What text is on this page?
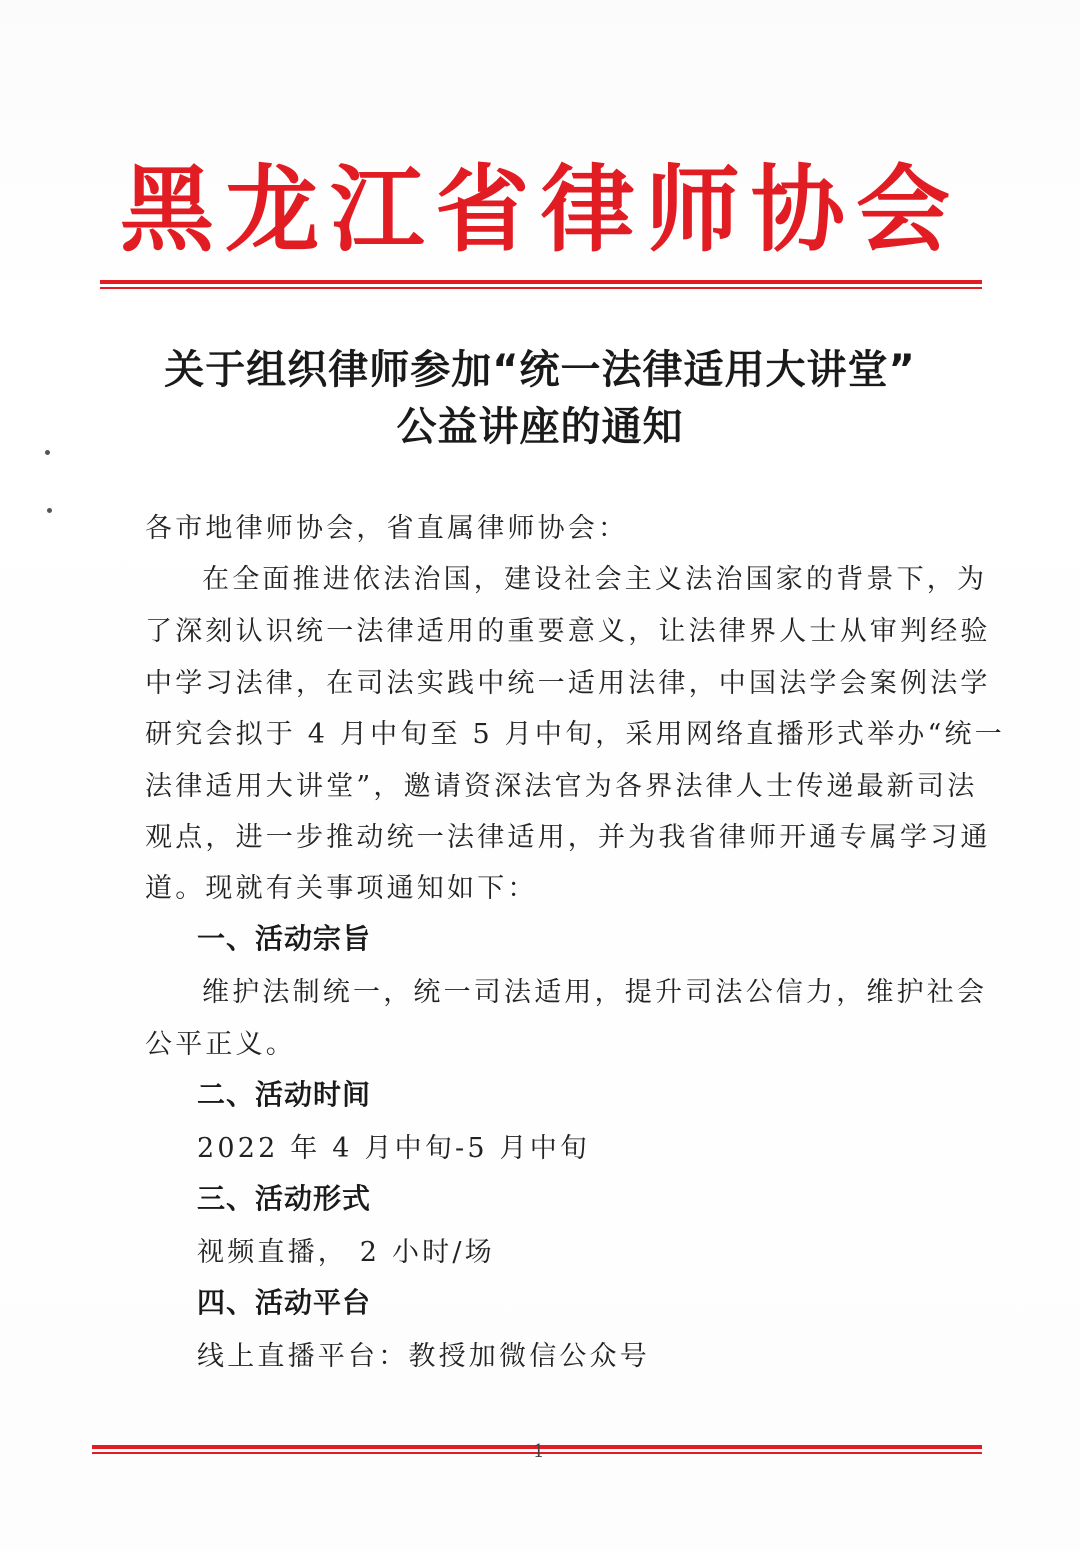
黑 龙 江 省 律 师 协 会
关于组织律师参加“统一法律适用大讲堂”
公益讲座的通知
各市地律师协会，省直属律师协会：
在全面推进依法治国，建设社会主义法治国家的背景下，为
了深刻认识统一法律适用的重要意义，让法律界人士从审判经验
中学习法律，在司法实践中统一适用法律，中国法学会案例法学
研究会拟于 4 月中旬至 5 月中旬，采用网络直播形式举办“统一
法律适用大讲堂”，邀请资深法官为各界法律人士传递最新司法
观点，进一步推动统一法律适用，并为我省律师开通专属学习通
道。现就有关事项通知如下：
一、活动宗旨
维护法制统一，统一司法适用，提升司法公信力，维护社会
公平正义。
二、活动时间
2022 年 4 月中旬-5 月中旬
三、活动形式
视频直播， 2 小时/场
四、活动平台
线上直播平台：教授加微信公众号
1
